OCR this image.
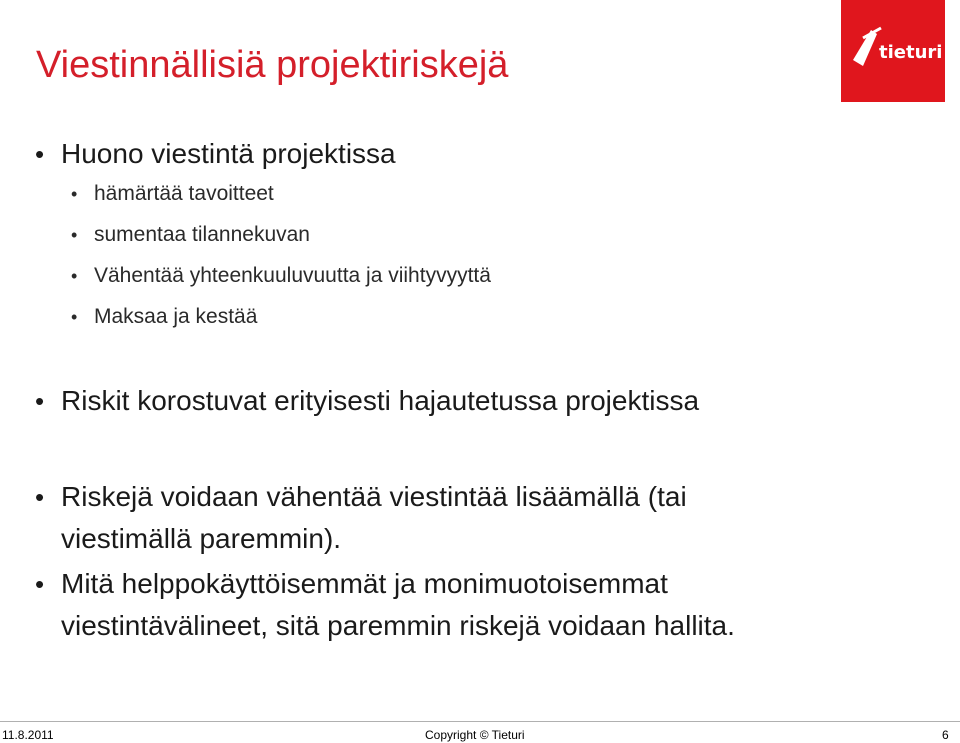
Viestinnällisiä projektiriskejä	tieturi

• Huono viestintä projektissa

• hämärtää tavoitteet

• sumentaa tilannekuvan

• Vähentää yhteenkuuluvuutta ja viihtyvyyttä

• Maksaa ja kestää

• Riskit korostuvat erityisesti hajautetussa projektissa

• Riskejä voidaan vähentää viestintää lisäämällä (tai
viestimällä paremmin).

• Mitä helppokäyttöisemmät ja monimuotoisemmat
viestintävälineet, sitä paremmin riskejä voidaan hallita.

11.8.2011	Copyright © Tieturi	6
